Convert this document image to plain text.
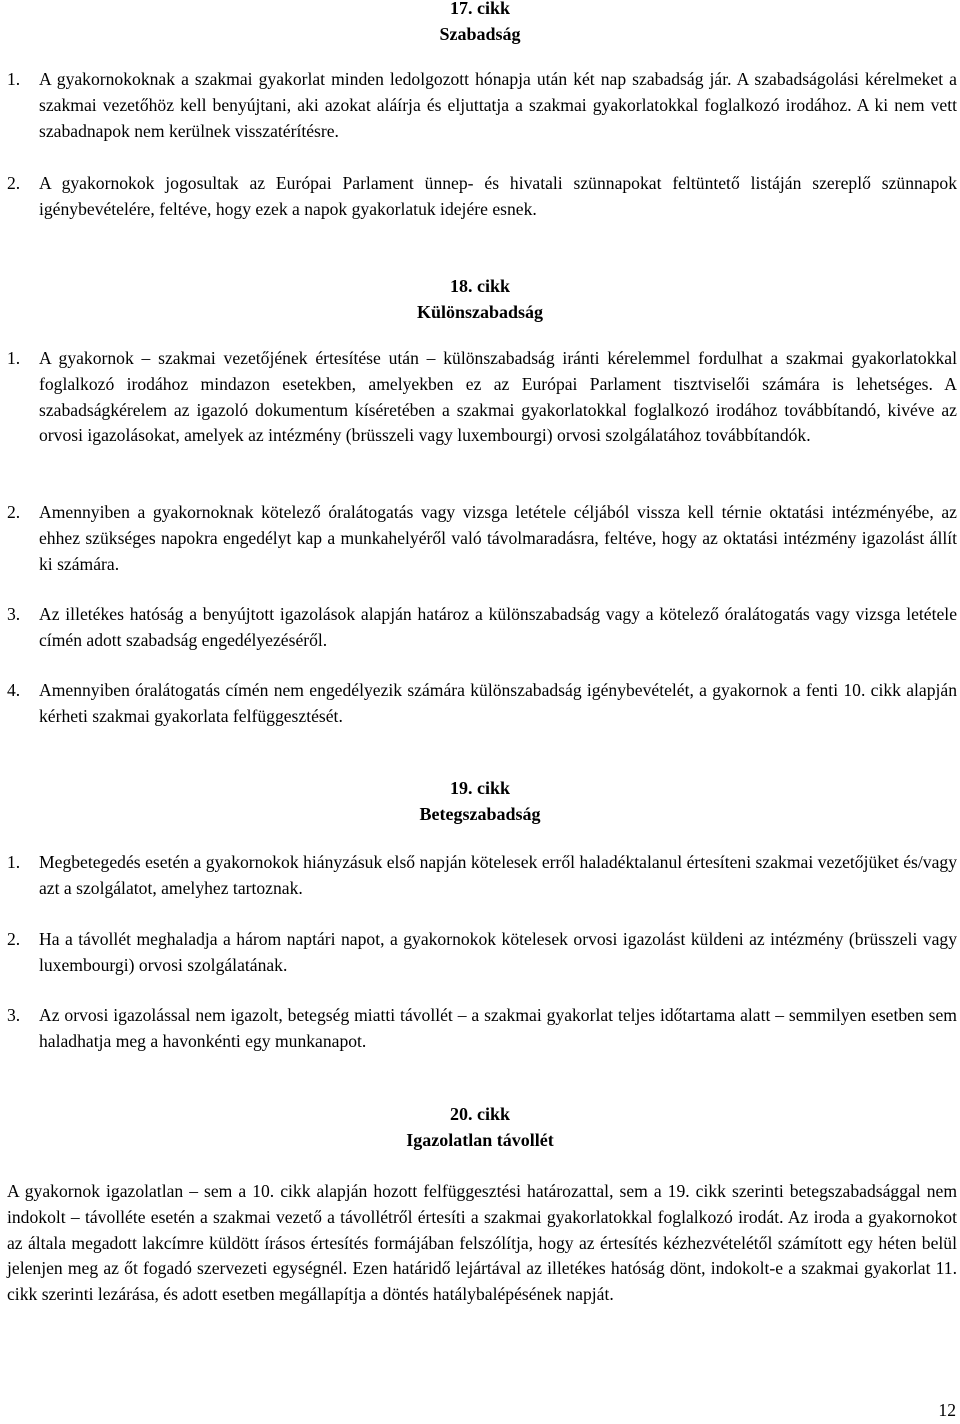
17. cikk
Szabadság
1. A gyakornokoknak a szakmai gyakorlat minden ledolgozott hónapja után két nap szabadság jár. A szabadságolási kérelmeket a szakmai vezetőhöz kell benyújtani, aki azokat aláírja és eljuttatja a szakmai gyakorlatokkal foglalkozó irodához. A ki nem vett szabadnapok nem kerülnek visszatérítésre.
2. A gyakornokok jogosultak az Európai Parlament ünnep- és hivatali szünnapokat feltüntető listáján szereplő szünnapok igénybevételére, feltéve, hogy ezek a napok gyakorlatuk idejére esnek.
18. cikk
Különszabadság
1. A gyakornok – szakmai vezetőjének értesítése után – különszabadság iránti kérelemmel fordulhat a szakmai gyakorlatokkal foglalkozó irodához mindazon esetekben, amelyekben ez az Európai Parlament tisztviselői számára is lehetséges. A szabadságkérelem az igazoló dokumentum kíséretében a szakmai gyakorlatokkal foglalkozó irodához továbbítandó, kivéve az orvosi igazolásokat, amelyek az intézmény (brüsszeli vagy luxembourgi) orvosi szolgálatához továbbítandók.
2. Amennyiben a gyakornoknak kötelező óralátogatás vagy vizsga letétele céljából vissza kell térnie oktatási intézményébe, az ehhez szükséges napokra engedélyt kap a munkahelyéről való távolmaradásra, feltéve, hogy az oktatási intézmény igazolást állít ki számára.
3. Az illetékes hatóság a benyújtott igazolások alapján határoz a különszabadság vagy a kötelező óralátogatás vagy vizsga letétele címén adott szabadság engedélyezéséről.
4. Amennyiben óralátogatás címén nem engedélyezik számára különszabadság igénybevételét, a gyakornok a fenti 10. cikk alapján kérheti szakmai gyakorlata felfüggesztését.
19. cikk
Betegszabadság
1. Megbetegedés esetén a gyakornokok hiányzásuk első napján kötelesek erről haladéktalanul értesíteni szakmai vezetőjüket és/vagy azt a szolgálatot, amelyhez tartoznak.
2. Ha a távollét meghaladja a három naptári napot, a gyakornokok kötelesek orvosi igazolást küldeni az intézmény (brüsszeli vagy luxembourgi) orvosi szolgálatának.
3. Az orvosi igazolással nem igazolt, betegség miatti távollét – a szakmai gyakorlat teljes időtartama alatt – semmilyen esetben sem haladhatja meg a havonkénti egy munkanapot.
20. cikk
Igazolatlan távollét
A gyakornok igazolatlan – sem a 10. cikk alapján hozott felfüggesztési határozattal, sem a 19. cikk szerinti betegszabadsággal nem indokolt – távolléte esetén a szakmai vezető a távollétről értesíti a szakmai gyakorlatokkal foglalkozó irodát. Az iroda a gyakornokot az általa megadott lakcímre küldött írásos értesítés formájában felszólítja, hogy az értesítés kézhezvételétől számított egy héten belül jelenjen meg az őt fogadó szervezeti egységnél. Ezen határidő lejártával az illetékes hatóság dönt, indokolt-e a szakmai gyakorlat 11. cikk szerinti lezárása, és adott esetben megállapítja a döntés hatálybalépésének napját.
12
